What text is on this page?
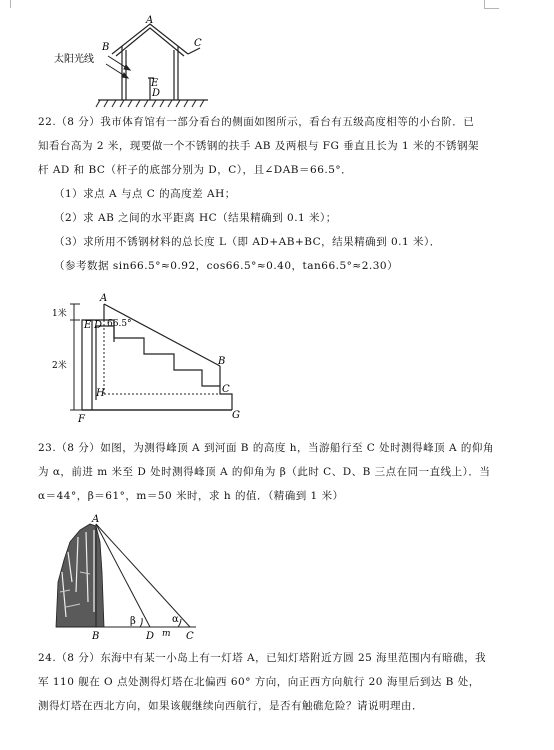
A
B	C
E
D
太阳光线
22.（8 分）我市体育馆有一部分看台的侧面如图所示，看台有五级高度相等的小台阶．已
知看台高为 2 米，现要做一个不锈钢的扶手 AB 及两根与 FG 垂直且长为 1 米的不锈钢架
杆 AD 和 BC（杆子的底部分别为 D，C），且∠DAB＝66.5°．
（1）求点 A 与点 C 的高度差 AH；
（2）求 AB 之间的水平距离 HC（结果精确到 0.1 米）；
（3）求所用不锈钢材料的总长度 L（即 AD+AB+BC，结果精确到 0.1 米）．
（参考数据 sin66.5°≈0.92，cos66.5°≈0.40，tan66.5°≈2.30）
A
E D 66.5°
B
C
H
F	G
1米
2米
23.（8 分）如图，为测得峰顶 A 到河面 B 的高度 h，当游船行至 C 处时测得峰顶 A 的仰角
为 α，前进 m 米至 D 处时测得峰顶 A 的仰角为 β（此时 C、D、B 三点在同一直线上）．当
α＝44°，β＝61°，m＝50 米时，求 h 的值．（精确到 1 米）
A
B	D m C
β	α
24.（8 分）东海中有某一小岛上有一灯塔 A，已知灯塔附近方圆 25 海里范围内有暗礁，我
军 110 舰在 O 点处测得灯塔在北偏西 60° 方向，向正西方向航行 20 海里后到达 B 处，
测得灯塔在西北方向，如果该舰继续向西航行，是否有触礁危险？请说明理由．
